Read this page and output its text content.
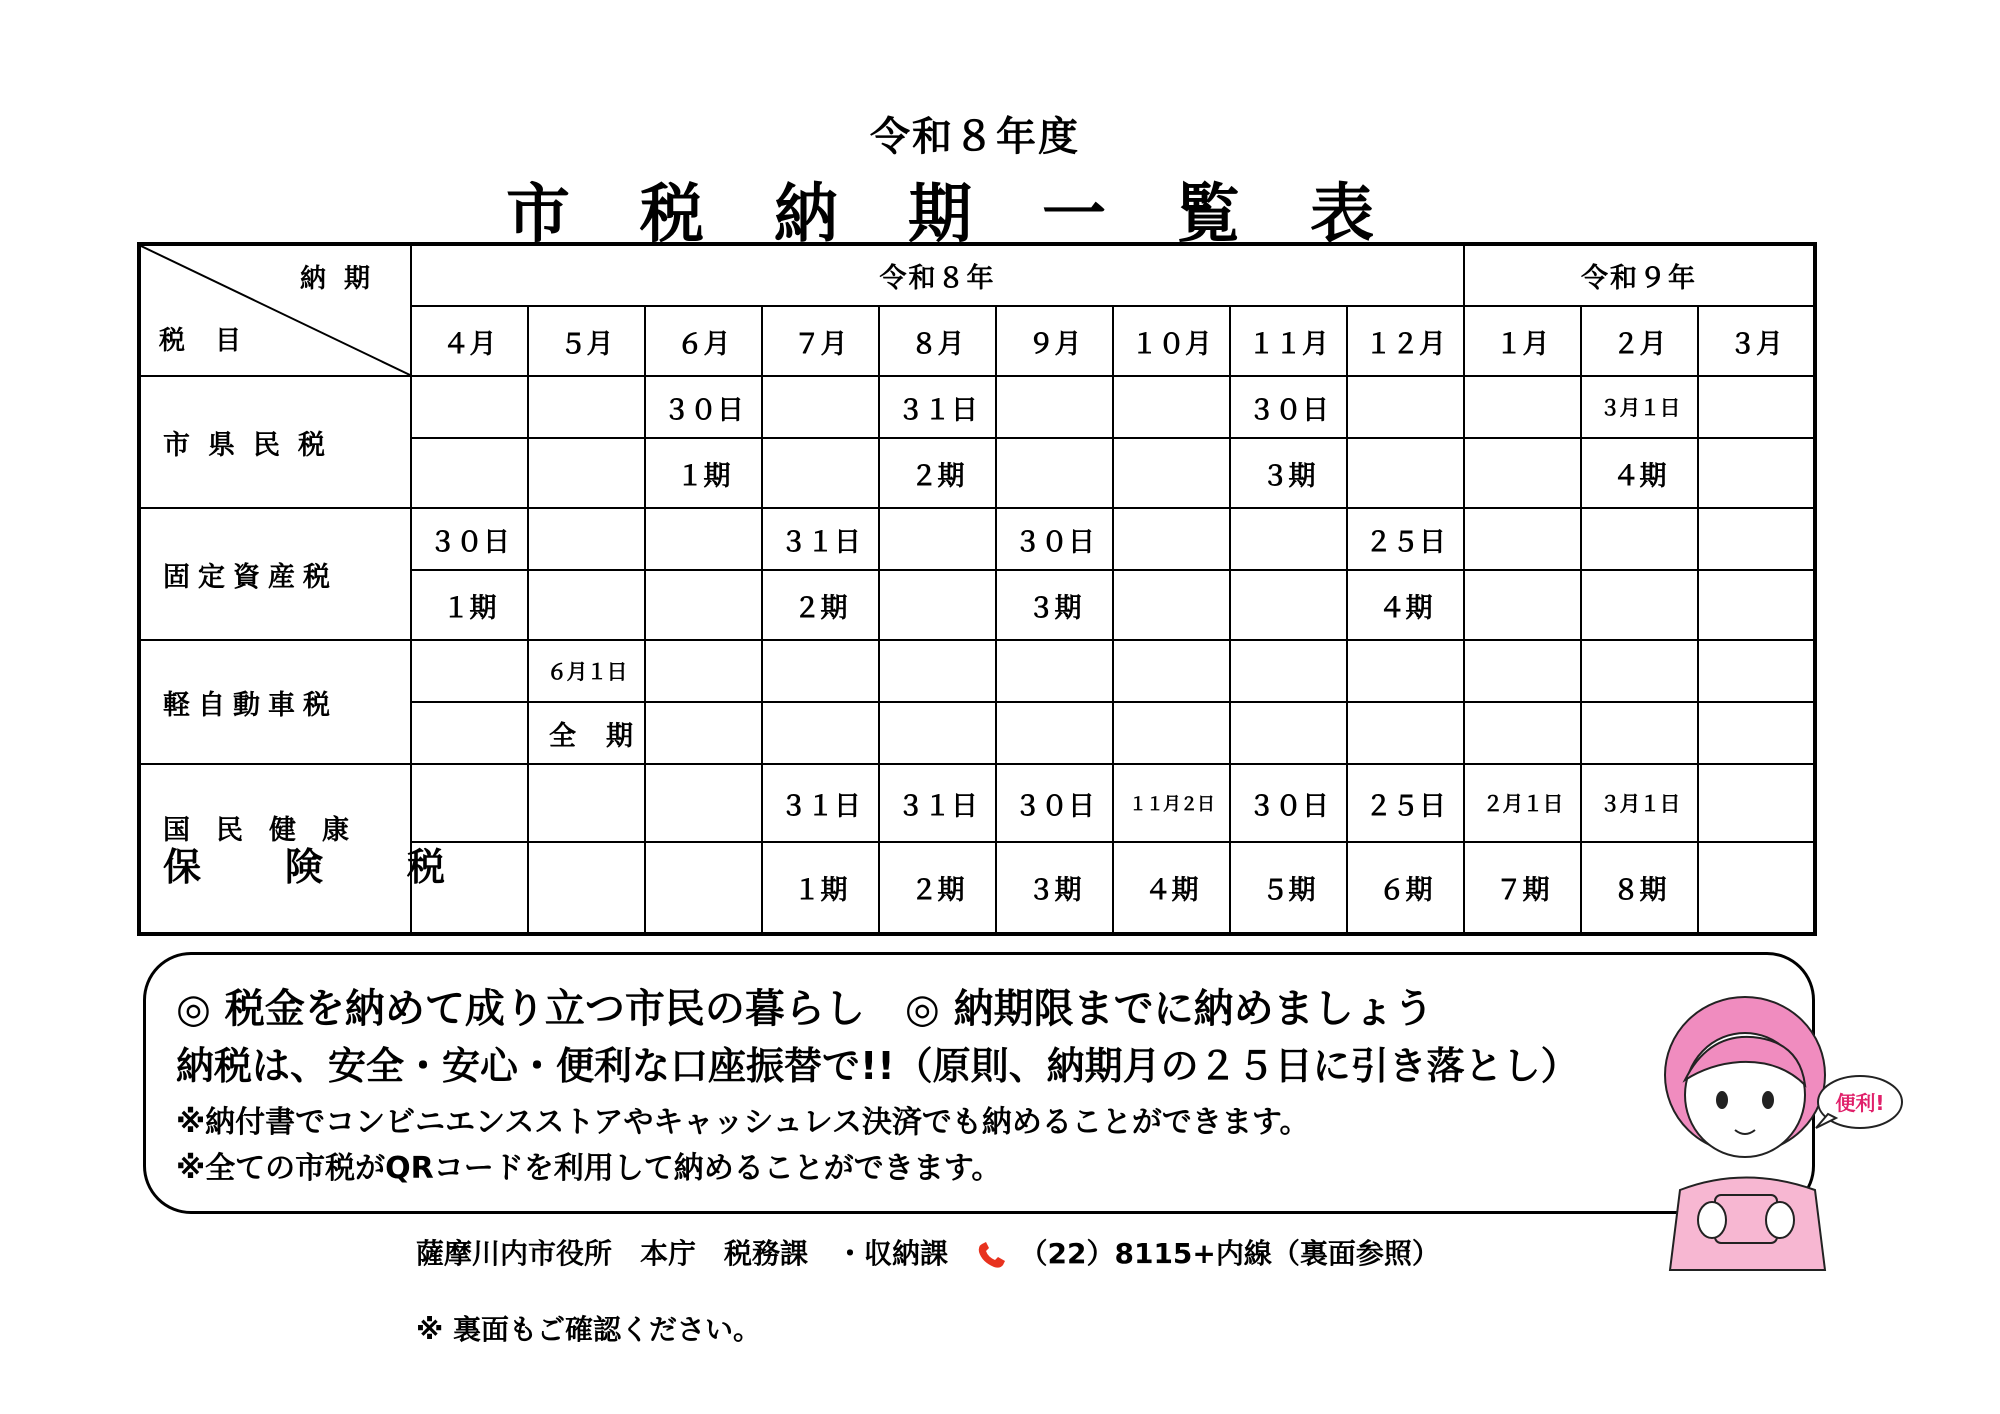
令和８年度
市税納期一覧表
納期
税目	令和８年									令和９年		
	４月	５月	６月	７月	８月	９月	１０月	１１月	１２月	１月	２月	３月
市県民税			３０日		３１日			３０日			３月１日	
			１期		２期			３期			４期	
固定資産税	３０日			３１日		３０日			２５日			
	１期			２期		３期			４期			
軽自動車税		６月１日										
		全期										

国民健康
保険税				３１日	３１日	３０日	１１月２日	３０日	２５日	２月１日	３月１日	
				１期	２期	３期	４期	５期	６期	７期	８期	
◎ 税金を納めて成り立つ市民の暮らし　◎ 納期限までに納めましょう
納税は、安全・安心・便利な口座振替で!!（原則、納期月の２５日に引き落とし）
※納付書でコンビニエンスストアやキャッシュレス決済でも納めることができます。
※全ての市税がQRコードを利用して納めることができます。
便利!
薩摩川内市役所　本庁　税務課　・収納課	（22）8115+内線（裏面参照）
※ 裏面もご確認ください。
